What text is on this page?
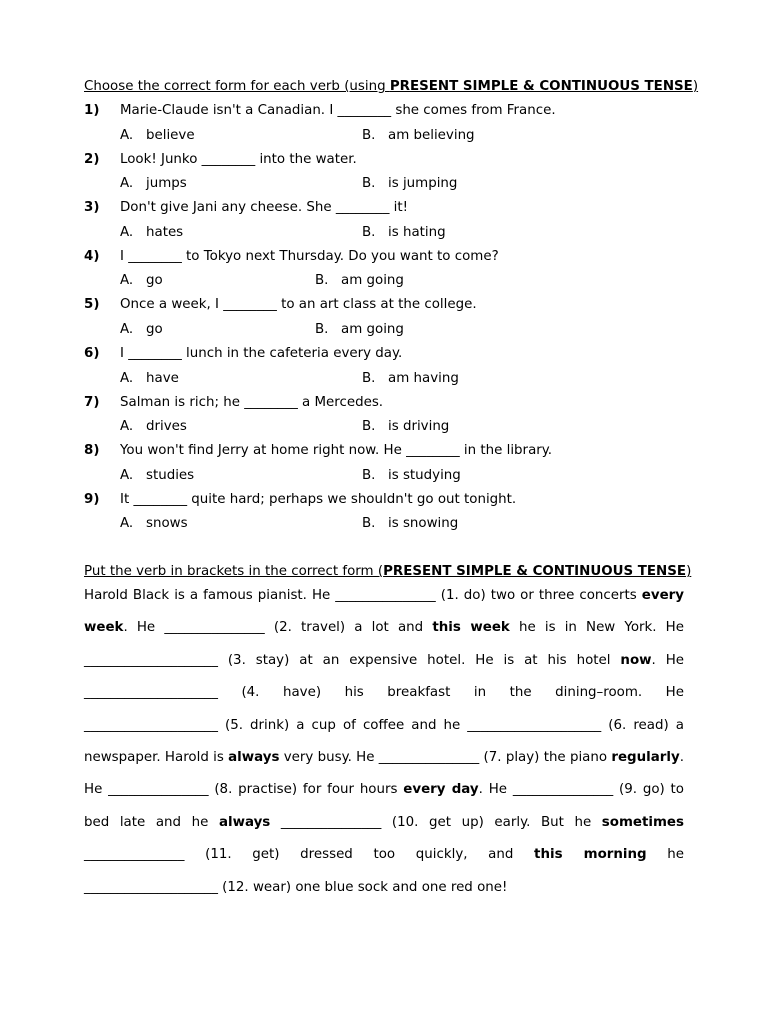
Choose the correct form for each verb (using PRESENT SIMPLE & CONTINUOUS TENSE)
1) Marie-Claude isn't a Canadian. I ________ she comes from France.
A. believe	B. am believing
2) Look! Junko ________ into the water.
A. jumps	B. is jumping
3) Don't give Jani any cheese. She ________ it!
A. hates	B. is hating
4) I ________ to Tokyo next Thursday. Do you want to come?
A. go	B. am going
5) Once a week, I ________ to an art class at the college.
A. go	B. am going
6) I ________ lunch in the cafeteria every day.
A. have	B. am having
7) Salman is rich; he ________ a Mercedes.
A. drives	B. is driving
8) You won't find Jerry at home right now. He ________ in the library.
A. studies	B. is studying
9) It ________ quite hard; perhaps we shouldn't go out tonight.
A. snows	B. is snowing
Put the verb in brackets in the correct form (PRESENT SIMPLE & CONTINUOUS TENSE)
Harold Black is a famous pianist. He _______________ (1. do) two or three concerts every
week. He _______________ (2. travel) a lot and this week he is in New York. He
____________________ (3. stay) at an expensive hotel. He is at his hotel now. He
____________________ (4. have) his breakfast in the dining–room. He
____________________ (5. drink) a cup of coffee and he ____________________ (6. read) a
newspaper. Harold is always very busy. He _______________ (7. play) the piano regularly.
He _______________ (8. practise) for four hours every day. He _______________ (9. go) to
bed late and he always _______________ (10. get up) early. But he sometimes
_______________ (11. get) dressed too quickly, and this morning he
____________________ (12. wear) one blue sock and one red one!
